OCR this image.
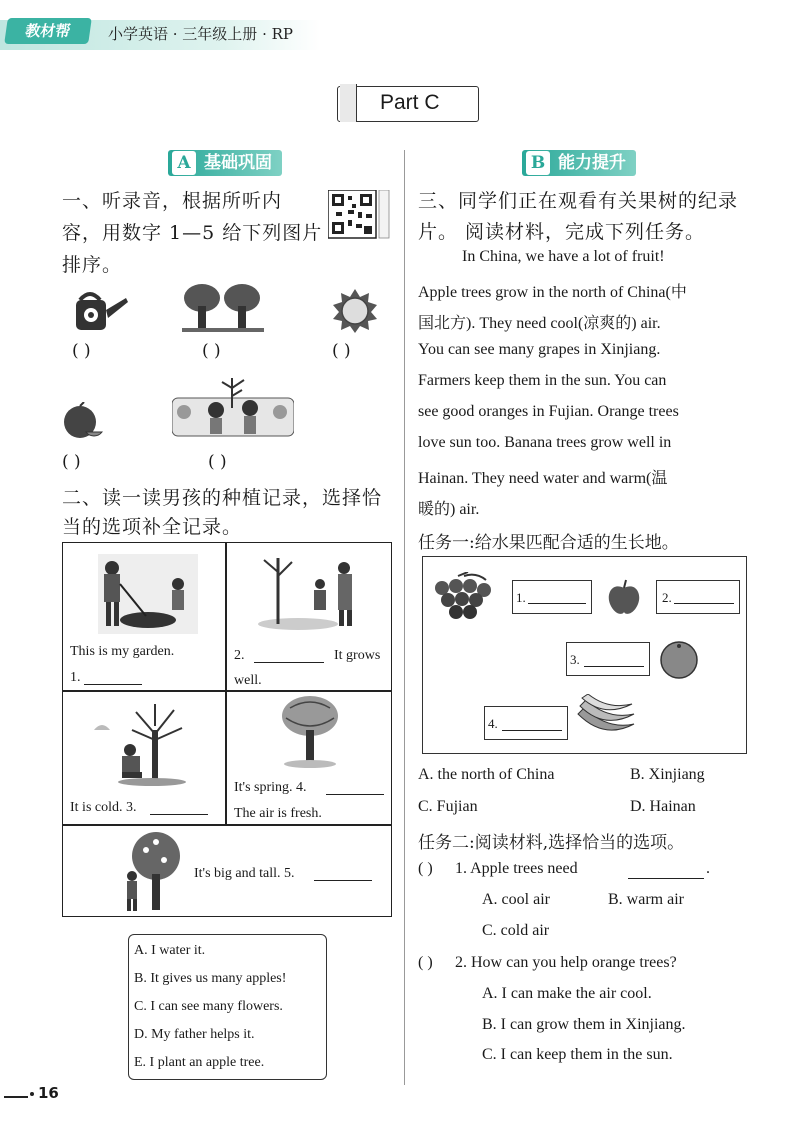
教材帮	小学英语 · 三年级上册 · RP
Part C
A 基础巩固
一、听录音，根据所听内
容，用数字 1—5 给下列图片
排序。
( )	( )	( )
( )	( )
二、读一读男孩的种植记录，选择恰
当的选项补全记录。
This is my garden.
1.
2.	It grows
well.
It is cold. 3.
It's spring. 4.
The air is fresh.
It's big and tall. 5.
A. I water it.
B. It gives us many apples!
C. I can see many flowers.
D. My father helps it.
E. I plant an apple tree.
B 能力提升
三、同学们正在观看有关果树的纪录
片。 阅读材料，完成下列任务。
In China, we have a lot of fruit!
Apple trees grow in the north of China(中
国北方). They need cool(凉爽的) air.
You can see many grapes in Xinjiang.
Farmers keep them in the sun. You can
see good oranges in Fujian. Orange trees
love sun too. Banana trees grow well in
Hainan. They need water and warm(温
暖的) air.
任务一:给水果匹配合适的生长地。
1.	2.
3.
4.
A. the north of China	B. Xinjiang
C. Fujian	D. Hainan
任务二:阅读材料,选择恰当的选项。
( ) 1. Apple trees need	.
A. cool air	B. warm air
C. cold air
( ) 2. How can you help orange trees?
A. I can make the air cool.
B. I can grow them in Xinjiang.
C. I can keep them in the sun.
16
